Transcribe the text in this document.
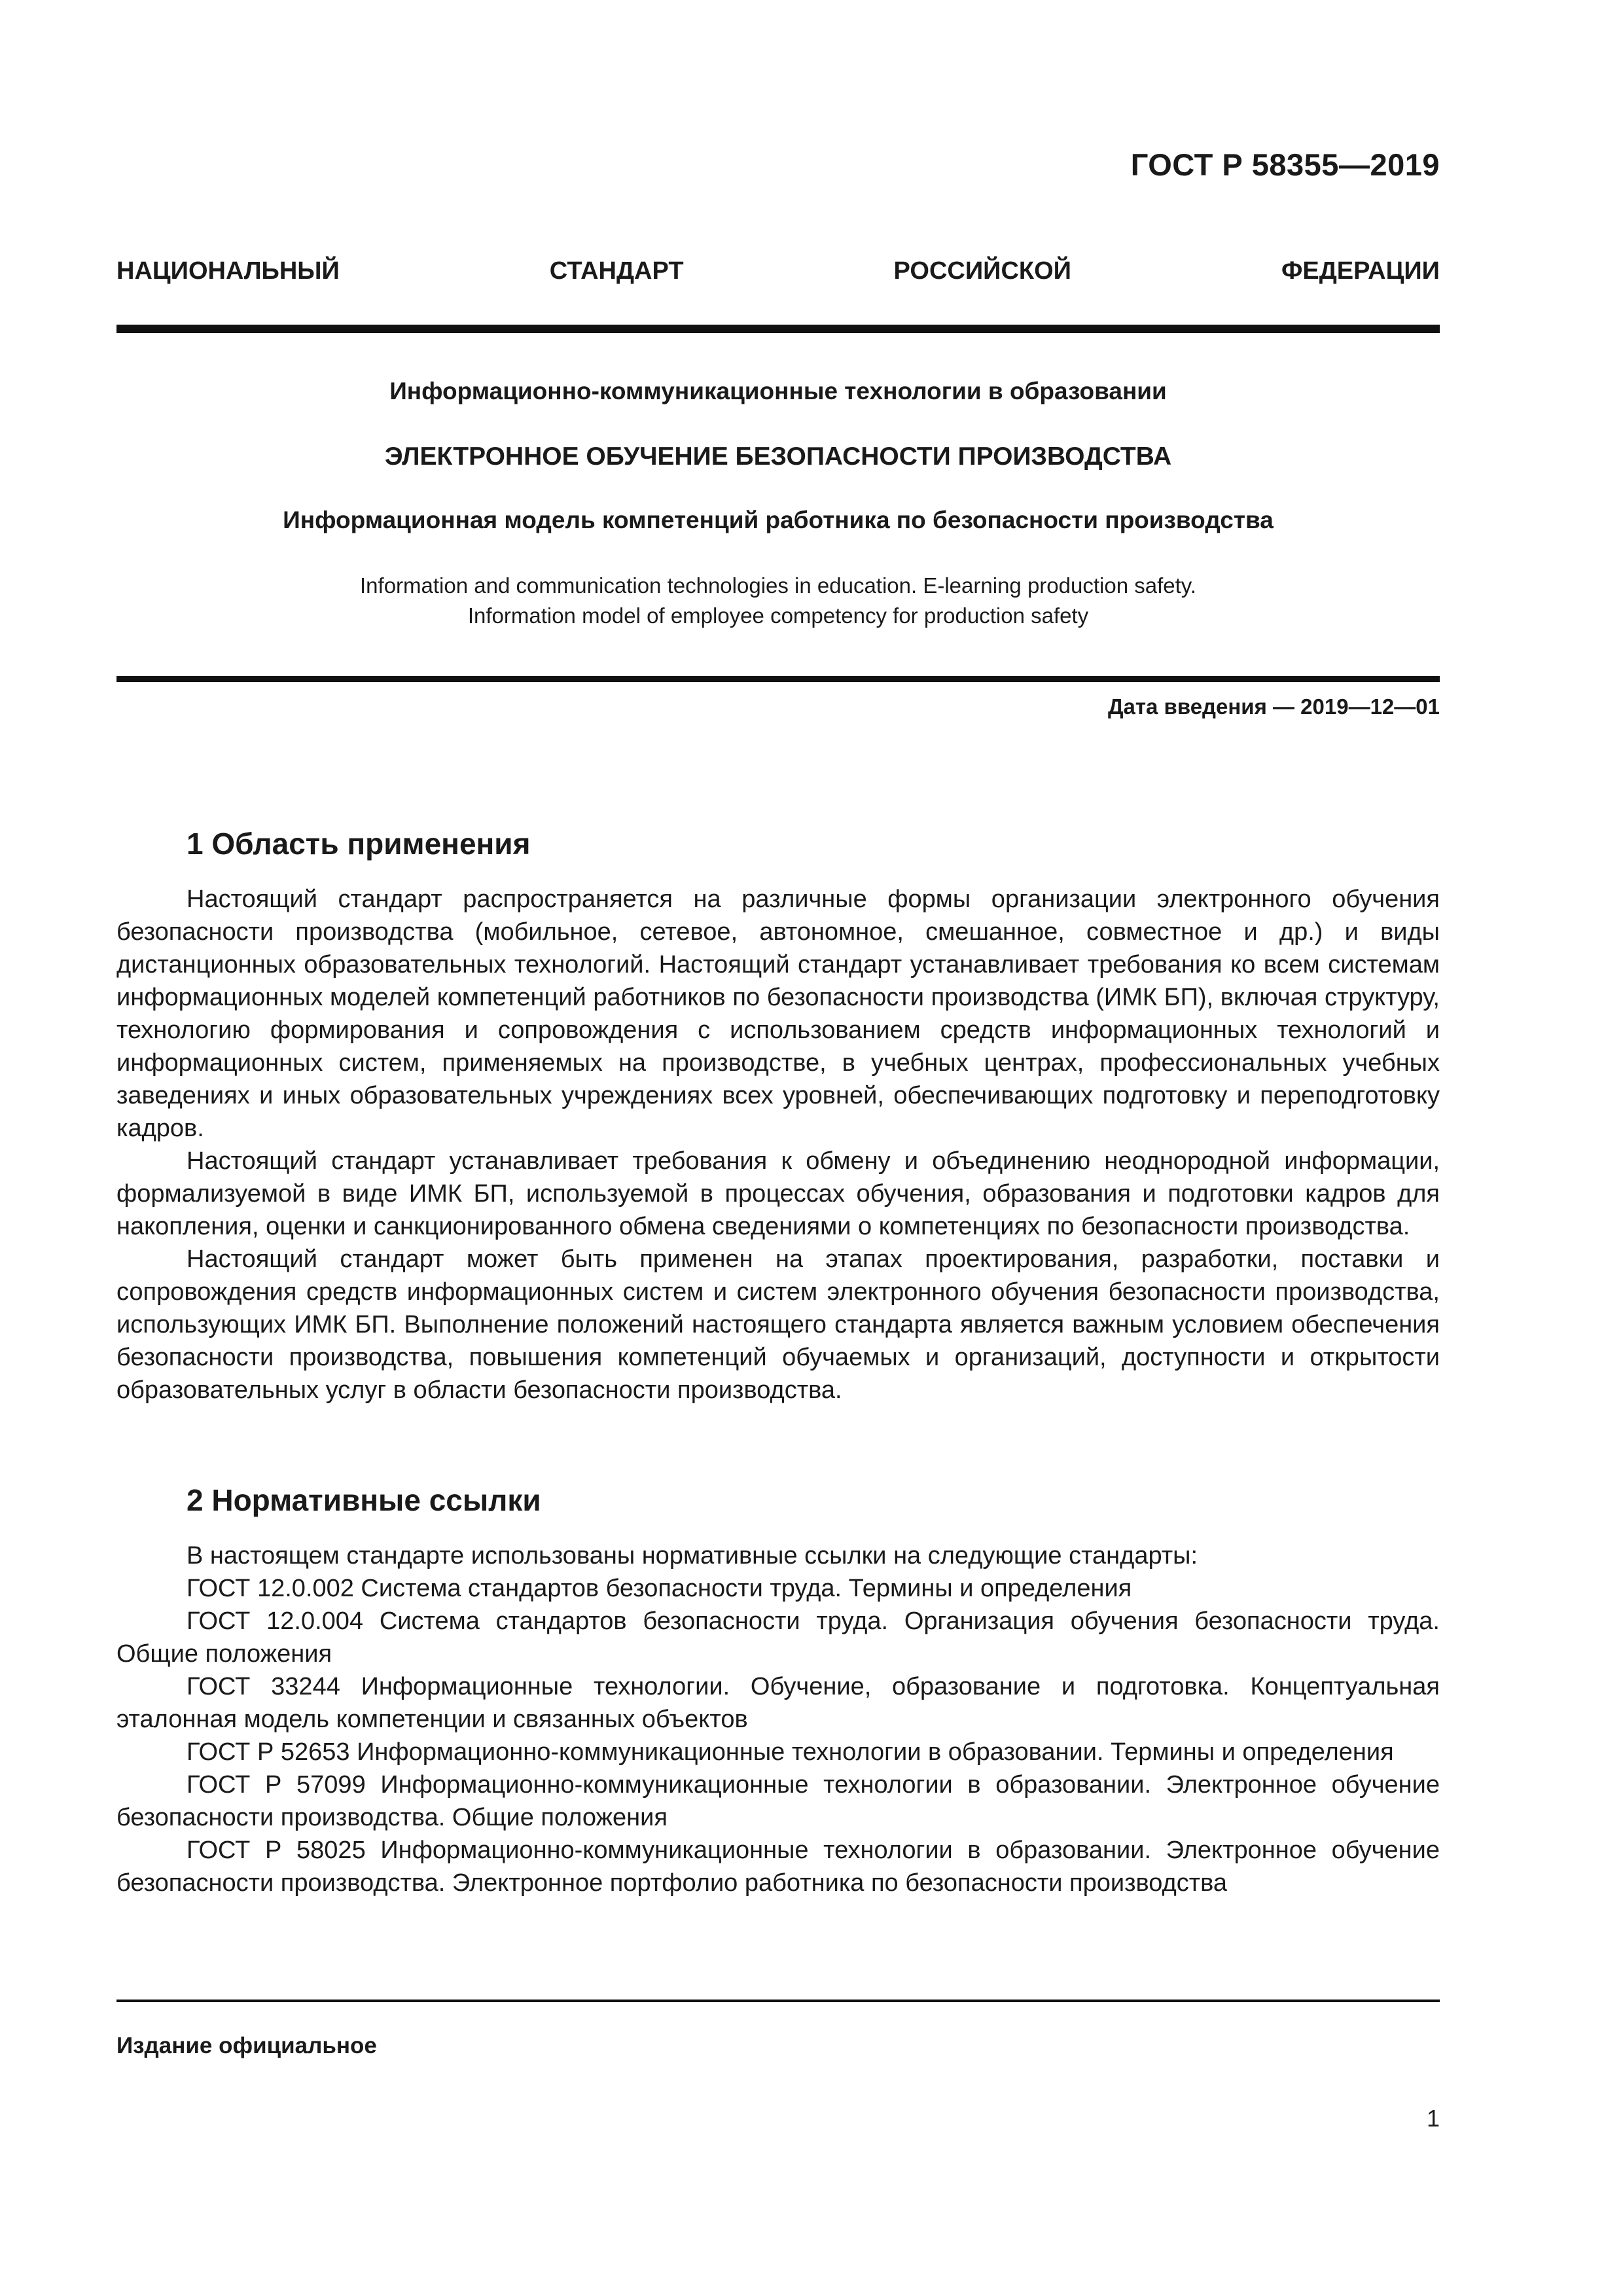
ГОСТ Р 58355—2019
НАЦИОНАЛЬНЫЙ	СТАНДАРТ	РОССИЙСКОЙ	ФЕДЕРАЦИИ
Информационно-коммуникационные технологии в образовании
ЭЛЕКТРОННОЕ ОБУЧЕНИЕ БЕЗОПАСНОСТИ ПРОИЗВОДСТВА
Информационная модель компетенций работника по безопасности производства
Information and communication technologies in education. E-learning production safety.
Information model of employee competency for production safety
Дата введения — 2019—12—01
1 Область применения

Настоящий стандарт распространяется на различные формы организации электронного обучения безопасности производства (мобильное, сетевое, автономное, смешанное, совместное и др.) и виды дистанционных образовательных технологий. Настоящий стандарт устанавливает требования ко всем системам информационных моделей компетенций работников по безопасности производства (ИМК БП), включая структуру, технологию формирования и сопровождения с использованием средств информационных технологий и информационных систем, применяемых на производстве, в учебных центрах, профессиональных учебных заведениях и иных образовательных учреждениях всех уровней, обеспечивающих подготовку и переподготовку кадров.

Настоящий стандарт устанавливает требования к обмену и объединению неоднородной информации, формализуемой в виде ИМК БП, используемой в процессах обучения, образования и подготовки кадров для накопления, оценки и санкционированного обмена сведениями о компетенциях по безопасности производства.

Настоящий стандарт может быть применен на этапах проектирования, разработки, поставки и сопровождения средств информационных систем и систем электронного обучения безопасности производства, использующих ИМК БП. Выполнение положений настоящего стандарта является важным условием обеспечения безопасности производства, повышения компетенций обучаемых и организаций, доступности и открытости образовательных услуг в области безопасности производства.

2 Нормативные ссылки

В настоящем стандарте использованы нормативные ссылки на следующие стандарты:

ГОСТ 12.0.002 Система стандартов безопасности труда. Термины и определения

ГОСТ 12.0.004 Система стандартов безопасности труда. Организация обучения безопасности труда. Общие положения

ГОСТ 33244 Информационные технологии. Обучение, образование и подготовка. Концептуальная эталонная модель компетенции и связанных объектов

ГОСТ Р 52653 Информационно-коммуникационные технологии в образовании. Термины и определения

ГОСТ Р 57099 Информационно-коммуникационные технологии в образовании. Электронное обучение безопасности производства. Общие положения

ГОСТ Р 58025 Информационно-коммуникационные технологии в образовании. Электронное обучение безопасности производства. Электронное портфолио работника по безопасности производства

Издание официальное
1
